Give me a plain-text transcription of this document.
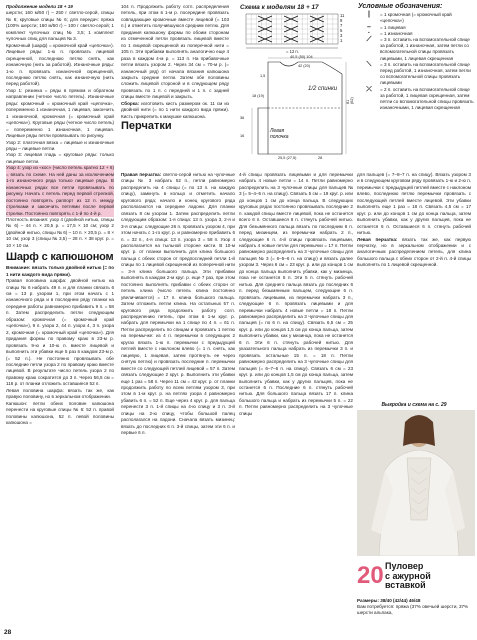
Продолжение модели 18 + 19

шерсти; 160 м/50 г) – 250 г светло-серой, спицы № 6; круговые спицы № 6; для передач: пряжа (100% шерсти; 160 м/50 г) – 100 г светло-серой; 1 комплект чулочных спиц № 3,5; 1 комплект чулочных спиц для пальцев № 3.

Кромочный (шарф) = кромочной край «цепочка»). Лицевые ряды: 1-ю п. провязать лицевой скрещенной, последнюю петлю снять, как изнаночную (нить за работой). Изнаночные ряды: 1-ю п. провязать изнаночной скрещенной, последнюю петлю снять, как изнаночную (нить перед работой).

Узор 1: резинка = ряды в прямом и обратном направлении (четное число петель). Изнаночные ряды: кромочный = кромочный край «цепочка», попеременно 1 изнаночная, 1 лицевая, закончить 1 изнаночной, кромочная (= кромочный край «цепочка»). Круговые ряды (четное число петель) = попеременно 1 изнаночная, 1 лицевая. Лицевые ряды петли провязывать по рисунку.

Узор 2: платочная вязка = лицевые и изнаночные ряды – лицевые петли.

Узор 3: лицевая гладь = круговые ряды: только лицевые петли.

Узор 4: узор из «кос» (число петель кратно 12 + 6) = вязать по схеме. На ней даны за исключением 1-го изнаночного ряда только лицевые ряды. В изнаночных рядах все петли провязывать по рисунку. Начать с петель перед первой стрелкой, постоянно повторять раппорт из 12 п. между стрелками и закончить петлями после первой стрелки. Постоянно повторять с 1-й по 4-й р.

Плотность вязания: узор 4 (двойной нитью, спицы № 6) – 44 п. × 20,5 р. = 17,5 × 10 см; узор 2 (двойной нитью, спицы № 6) – 10 п. × 20,5 р. = 8 × 10 см; узор 3 (спицы № 3,5) – 28 п. × 38 круг. р. = 10 × 10 см.

Шарф с капюшоном

Внимание: вязать только двойной нитью (= по 1 нити каждого вида пряжи).

Правая половина шарфа: двойной нитью на спицы № 6 набрать 49 п. и для планки связать 6 см = 13 р. узором 1, при этом начать с 1 изнаночного ряда и в последнем ряду планки на середине работы равномерно прибавить 9 п. = 58 п. Затем распределить петли следующим образом: кромочная (= кромочный край «цепочка»), 9 п. узора 2, 44 п. узора 4, 3 п. узора 2, кромочная (= кромочный край «цепочка»). Для придания формы по правому краю в 23-м р. провязать 9-ю и 10-ю п. вместе лицевой и выполнить эти убавки еще 5 раз в каждом 23-м р. (= 52 п.). Не постоянно провязывать обе последние петли узора 2 по правому краю вместе лицевой. В результате число петель узора 2 по правому краю сократится до 3 п. Через 56,5 см = 116 р. от планки отложить оставшиеся 52 п.

Левая половина шарфа: вязать так же, как правую половину, но в зеркальном отображении.

Капюшон: петли обеих половин капюшона перенести на круговые спицы № 6: 52 п. правой половины капюшона, 52 п. левой половины капюшона =

104 п. Продолжить работу сотл. распределения петель, при этом в 1-м р. посередине провязать совпадающие кромочные вместе лицевой (= 103 п.) и отметить получившуюся средним петлю. Для придания капюшону формы по обоим сторонам из отмеченной петли провязать лицевой вместе по 1 лицевой скрещенной из поперечной нити = 105 п. Эти прибавки выполнять аналогично еще 4 раза в каждом 4-м р. = 113 п. На прибавочные петли вязать узором 2. Через 34 см = 70-м р. (= изнаночный ряд) от начала вязания капюшона закрыть средние петли. Затем обе половины сложить лицевой стороной и в следующем ряду провязать по 1 п. с передней и 1 п. с задней спицы вместе лицевой и закрыть.

Сборка: изготовить кисть размером ок. 11 см из двойной нити (= по 1 нити каждого вида пряжи). Кисть прикрепить к макушке капюшона.

Перчатки

Правая перчатка: светло-серой нитью на чулочные спицы № 3 набрать 52 п., петли равномерно распределить на 4 спицы (= по 13 п. на каждую спицу), замкнуть в кольцо и отметить начало кругового ряда; начало и конец кругового ряда располагаются на середине ладони. Для планки связать 8 см узором 1. Затем распределить петли следующим образом: 1-я спица: 13 п. узора 3, 2-я и 3-я спицы: следующие 26 п. провязать узором 4, при этом начать с 1-го круг. р. и равномерно прибавить 6 п. = 32 п., 4-я спица: 13 п. узора 3 = 58 п. Узор 4 располагается на тыльной стороне кисти. В 10-м круг. р. от планки выполнить для клина большого пальца с обеих сторон от предпоследней петли 1-й спицы по 1 лицевой скрещенной из поперечной нити = 3-я клина большого пальца. Эти прибавки выполнять в каждом 2-м круг. р. еще 7 раз, при этом постоянно выполнять прибавки с обеих сторон от петель клина (число петель клина постоянно увеличивается) = 17 п. клина большого пальца. Затем отложить петли клина. На остальных 57 п. кругового ряда продолжить работу согл. распределению петель, при этом в 1-м круг. р. набрать для перемычки на 1 спице по 4 п. = 61 п. Петли распределить по спицам и провязать 1 петлю на перемычке: из 4 п. перемычки в следующих 2 кругах вязать 1-ю п. перемычки с предыдущей петлей вместе с наклоном влево (= 1 п. снять, как лицевую, 1 лицевая, затем протянуть ее через снятую петлю) и провязать последние п. перемычки вместе со следующей петлей лицевой = 57 п. Затем связать следующие 2 круг. р. Выполнить эти убавки еще 1 раз = 58 п. Через 11 см = 42 круг. р. от планки продолжить работу по всем петлям узором 3, при этом в 1-м круг. р. на петлях узора 4 равномерно убавить 6 п. = 52 п. Еще через 4 круг. р. для пальца перенести 3 п. 1-й спицы на 4-ю спицу и 3 п. 3-й спицы на 2-ю спицу, чтобы большой палец располагался на ладони. Сначала вязать мизинец: вязать до последних 6 п. 3-й спицы, затем эти 6 п. и первые 6 п.

4-й спицы провязать лицевыми и для перемычки набрать 4 новые петли = 14 п. Петли равномерно распределить на 3 чулочные спицы для пальцев № 3 (= 5–4–5 п. на спицу). Связать 5 см = 19 круг. р. или до концов 1 см до конца пальца. В следующих круговых рядах постоянно провязывать последние 2 п. каждой спицы вместе лицевой, пока не останется всего 6 п. Оставшиеся 6 п. стянуть рабочей нитью. Для безымянного пальца вязать по последним 6 п. перед мизинцем, из перемычки набрать 2 п., следующие 6 п. 4-й спицы провязать лицевыми, набрать 4 новые петли для перемычки = 17 п. Петли равномерно распределить на 3 чулочные спицы для пальцев № 3 (= 6–5–6 п. на спицу) и вязать далее узором 3. Через 6 см = 23 круг. р. или до концов 1 см до конца пальца выполнить убавки, как у мизинца, пока не останется 5 п. Эти 5 п. стянуть рабочей нитью. Для среднего пальца вязать до последних 6 п. перед безымянным пальцем, следующие 6 п. провязать лицевыми, из перемычки набрать 3 п., следующие 6 п. провязать лицевыми и для перемычки набрать 4 новые петли = 18 п. Петли равномерно распределить на 3 чулочные спицы для пальцев (= по 6 п. на спицу). Связать 6,5 см = 25 круг. р. или до концов 1,5 см до конца пальца, затем выполнить убавки, как у мизинца, пока не останется 6 п. Эти 6 п. стянуть рабочей нитью. Для указательного пальца набрать из перемычки 3 п. и провязать остальные 15 п. = 18 п. Петли равномерно распределить на 3 чулочные спицы для пальцев (= 6–7–6 п. на спицу). Связать 6 см = 23 круг. р. или до концов 1,5 см до конца пальца, затем выполнить убавки, как у других пальцев, пока не останется 6 п. Последние 6 п. стянуть рабочей нитью. Для большого пальца вязать 17 п. клина большого пальца и набрать из перемычки 5 п. = 22 п. Петли равномерно распределить на 3 чулочные спицы

для пальцев (= 7–8–7 п. на спицу). Вязать узором 3 и в следующем круговом ряду провязать 1-ю и 2-ю п. перемычки с предыдущей петлей вместе с наклоном влево, последнюю петлю перемычки провязать с последующей петлей вместе лицевой. Эти убавки выполнять еще 1 раз = 18 п. Связать 4,5 см = 17 круг. р. или до концов 1 см до конца пальца, затем выполнить убавки, как у других пальцев, пока не останется 6 п. Оставшиеся 6 п. стянуть рабочей нитью.

Левая перчатка: вязать так же, как первую перчатку, но в зеркальном отображении и с аналогичным распределением петель, для клина большого пальца с обеих сторон от 2-й п. 4-й спицы выполнять по 1 лицевой скрещенной.

Схема к моделям 18 + 17
11
9
7
5
3
1
= 12 п.
40,5 (50) 104
42 (20)
1/2 спинки
61 (62)
Левая полочка
25,5 (27,5)	28
36
16
18 (19)
1,5
Условные обозначения:
|	= 1 кромочная (= кромочный край «цепочка»)
–	= 1 лицевая
·	= 1 изнаночная
⟋	= 3 п. оставить на вспомогательной спице за работой, 1 изнаночная, затем петли со вспомогательной спицы провязать лицевыми, 1 лицевая скрещенная
⟍	= 3 п. оставить на вспомогательной спице перед работой, 1 изнаночная, затем петли со вспомогательной спицы провязать лицевыми
⤫	= 2 п. оставить на вспомогательной спице за работой, 1 лицевая скрещенная, затем петли со вспомогательной спицы провязать изнаночными, 1 лицевая скрещенная
Выкройка и схема на с. 29
20 Пуловер
с ажурной
вставкой
Размеры: 38/40 (42/44) 46/48
Вам потребуется: пряжа (37% овечьей шерсти, 37% шерсти альпака,
28
